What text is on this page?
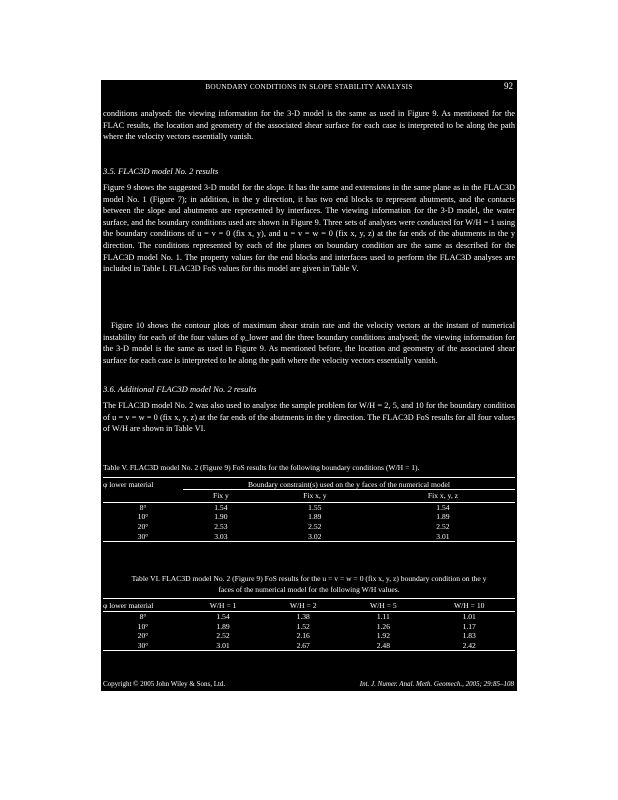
BOUNDARY CONDITIONS IN SLOPE STABILITY ANALYSIS	92

conditions analysed: the viewing information for the 3-D model is the same as used in Figure 9. As mentioned for the FLAC results, the location and geometry of the associated shear surface for each case is interpreted to be along the path where the velocity vectors essentially vanish.

3.5. FLAC3D model No. 2 results

Figure 9 shows the suggested 3-D model for the slope. It has the same and extensions in the same plane as in the FLAC3D model No. 1 (Figure 7); in addition, in the y direction, it has two end blocks to represent abutments, and the contacts between the slope and abutments are represented by interfaces. The viewing information for the 3-D model, the water surface, and the boundary conditions used are shown in Figure 9. Three sets of analyses were conducted for W/H = 1 using the boundary conditions of u = v = 0 (fix x, y), and u = v = w = 0 (fix x, y, z) at the far ends of the abutments in the y direction. The conditions represented by each of the planes on boundary condition are the same as described for the FLAC3D model No. 1. The property values for the end blocks and interfaces used to perform the FLAC3D analyses are included in Table I. FLAC3D FoS values for this model are given in Table V.

Figure 10 shows the contour plots of maximum shear strain rate and the velocity vectors at the instant of numerical instability for each of the four values of φ_lower and the three boundary conditions analysed; the viewing information for the 3-D model is the same as used in Figure 9. As mentioned before, the location and geometry of the associated shear surface for each case is interpreted to be along the path where the velocity vectors essentially vanish.

3.6. Additional FLAC3D model No. 2 results

The FLAC3D model No. 2 was also used to analyse the sample problem for W/H = 2, 5, and 10 for the boundary condition of u = v = w = 0 (fix x, y, z) at the far ends of the abutments in the y direction. The FLAC3D FoS results for all four values of W/H are shown in Table VI.

Table V. FLAC3D model No. 2 (Figure 9) FoS results for the following boundary conditions (W/H = 1).

φ lower material	Boundary constraint(s) used on the y faces of the numerical model		
	Fix y	Fix x, y	Fix x, y, z
8°	1.54	1.55	1.54
10°	1.90	1.89	1.89
20°	2.53	2.52	2.52
30°	3.03	3.02	3.01

Table VI. FLAC3D model No. 2 (Figure 9) FoS results for the u = v = w = 0 (fix x, y, z) boundary condition on the y faces of the numerical model for the following W/H values.

φ lower material	W/H = 1	W/H = 2	W/H = 5	W/H = 10
8°	1.54	1.38	1.11	1.01
10°	1.89	1.52	1.26	1.17
20°	2.52	2.16	1.92	1.83
30°	3.01	2.67	2.48	2.42
Copyright © 2005 John Wiley & Sons, Ltd.	Int. J. Numer. Anal. Meth. Geomech., 2005; 29:85–108
